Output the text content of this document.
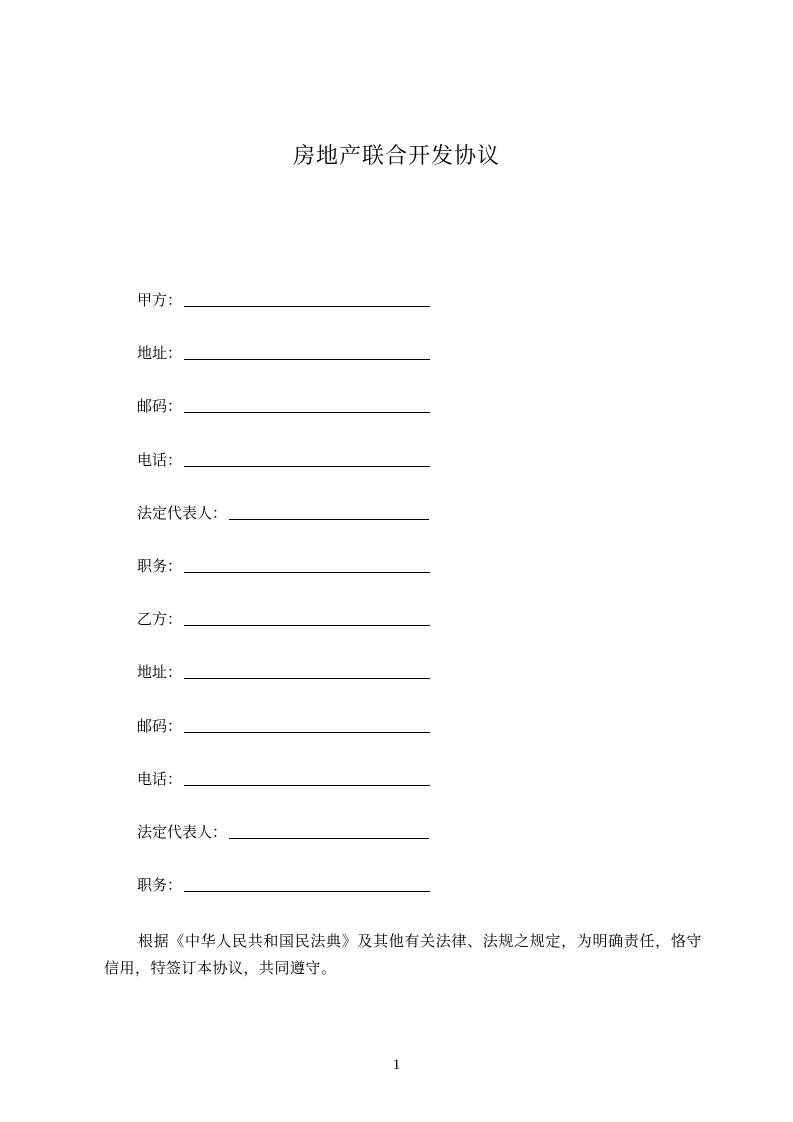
房地产联合开发协议
甲方：
地址：
邮码：
电话：
法定代表人：
职务：
乙方：
地址：
邮码：
电话：
法定代表人：
职务：
根据《中华人民共和国民法典》及其他有关法律、法规之规定，为明确责任，恪守信用，特签订本协议，共同遵守。
1
